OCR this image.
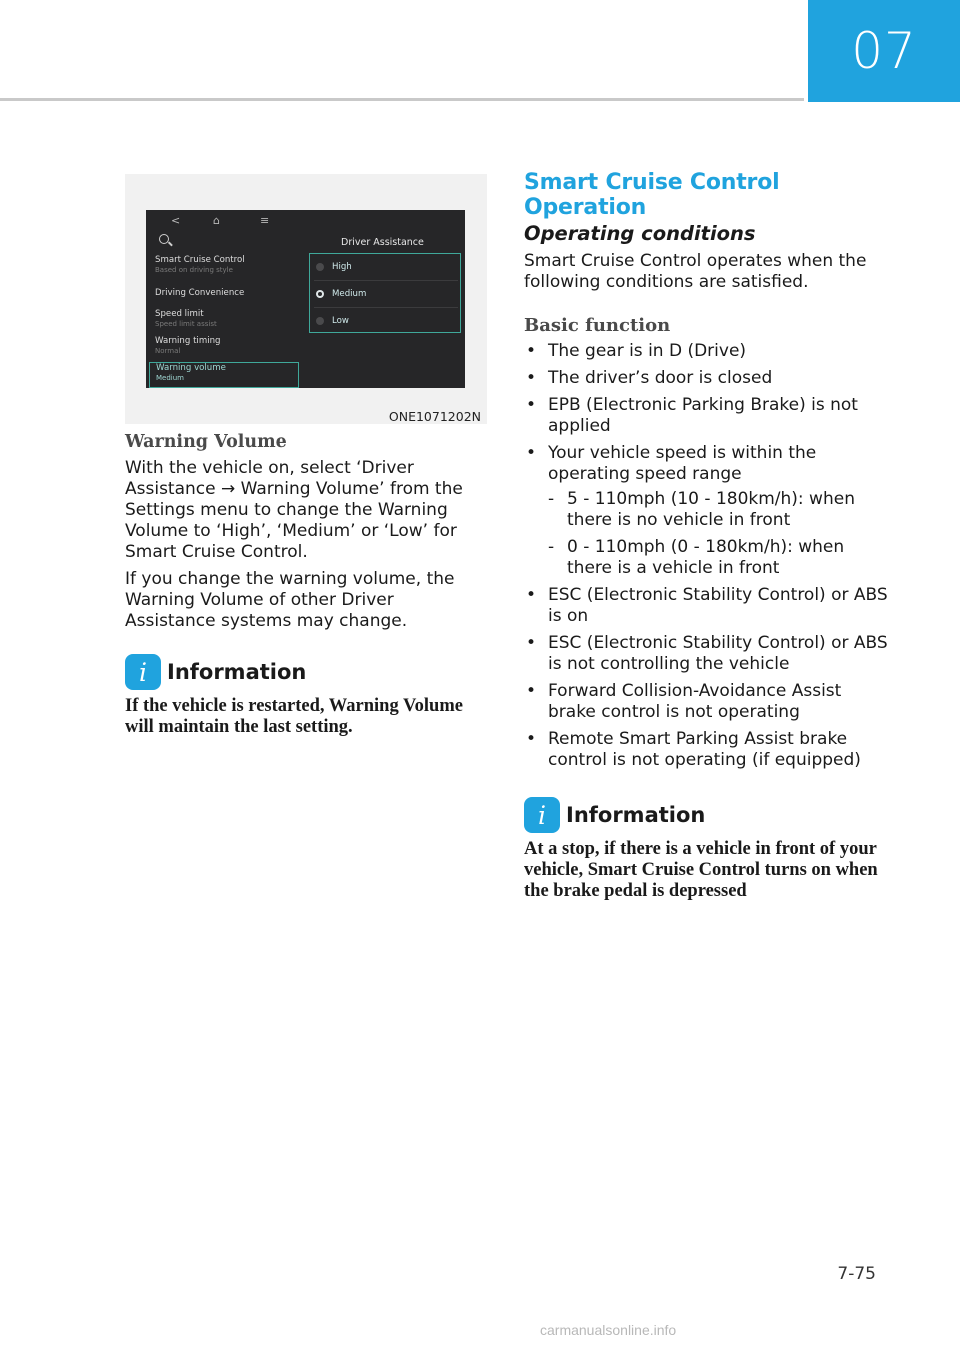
07
<	⌂	≡
Driver Assistance
Smart Cruise Control
Based on driving style
Driving Convenience
Speed limit
Speed limit assist
Warning timing
Normal
Warning volume
Medium
High
Medium
Low
ONE1071202N
Warning Volume

With the vehicle on, select ‘Driver Assistance → Warning Volume’ from the Settings menu to change the Warning Volume to ‘High’, ‘Medium’ or ‘Low’ for Smart Cruise Control.

If you change the warning volume, the Warning Volume of other Driver Assistance systems may change.

i Information

If the vehicle is restarted, Warning Volume will maintain the last setting.

Smart Cruise Control Operation
Operating conditions

Smart Cruise Control operates when the following conditions are satisfied.

Basic function
• The gear is in D (Drive)
• The driver’s door is closed
• EPB (Electronic Parking Brake) is not applied
• Your vehicle speed is within the operating speed range
- 5 - 110mph (10 - 180km/h): when there is no vehicle in front
- 0 - 110mph (0 - 180km/h): when there is a vehicle in front
• ESC (Electronic Stability Control) or ABS is on
• ESC (Electronic Stability Control) or ABS is not controlling the vehicle
• Forward Collision-Avoidance Assist brake control is not operating
• Remote Smart Parking Assist brake control is not operating (if equipped)
i Information

At a stop, if there is a vehicle in front of your vehicle, Smart Cruise Control turns on when the brake pedal is depressed

7-75
carmanualsonline.info
